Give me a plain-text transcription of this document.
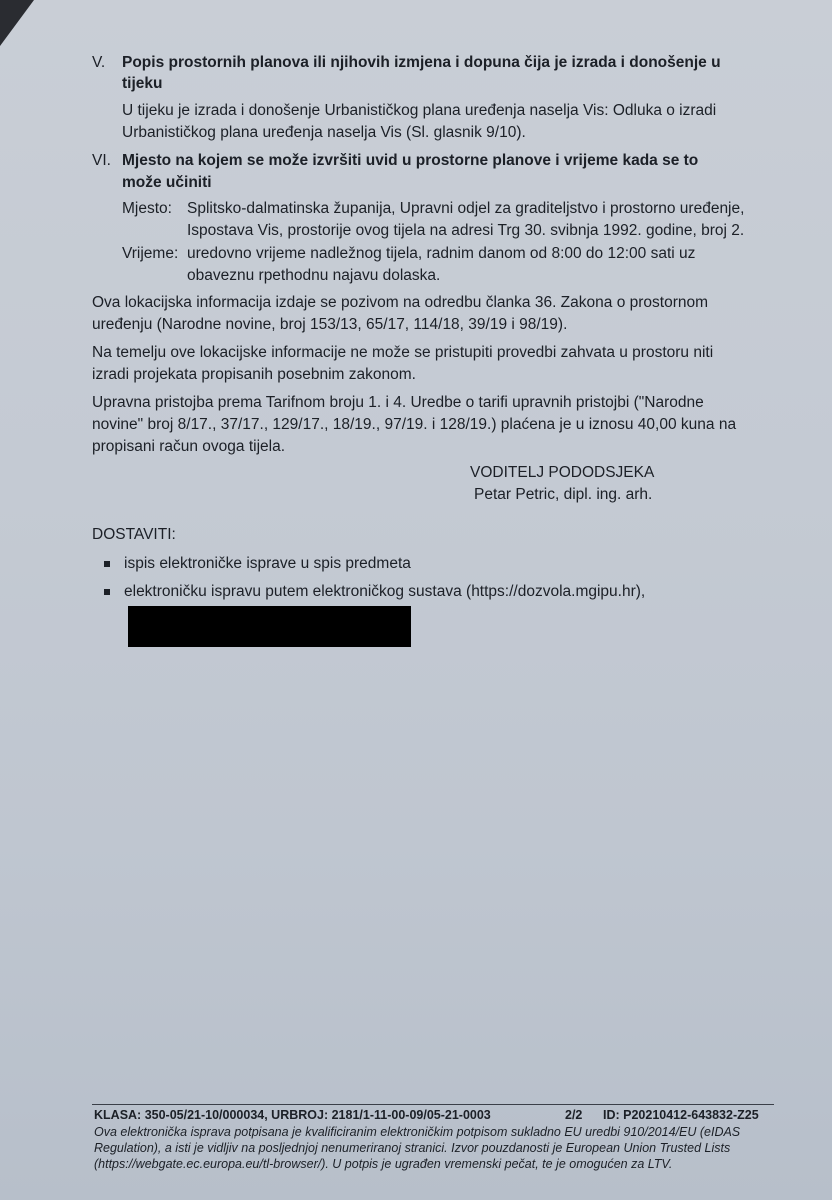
V. Popis prostornih planova ili njihovih izmjena i dopuna čija je izrada i donošenje u
tijeku
U tijeku je izrada i donošenje Urbanističkog plana uređenja naselja Vis: Odluka o izradi
Urbanističkog plana uređenja naselja Vis (Sl. glasnik 9/10).
VI. Mjesto na kojem se može izvršiti uvid u prostorne planove i vrijeme kada se to
može učiniti
Mjesto: Splitsko-dalmatinska županija, Upravni odjel za graditeljstvo i prostorno uređenje,
Ispostava Vis, prostorije ovog tijela na adresi Trg 30. svibnja 1992. godine, broj 2.
Vrijeme: uredovno vrijeme nadležnog tijela, radnim danom od 8:00 do 12:00 sati uz
obaveznu rpethodnu najavu dolaska.
Ova lokacijska informacija izdaje se pozivom na odredbu članka 36. Zakona o prostornom
uređenju (Narodne novine, broj 153/13, 65/17, 114/18, 39/19 i 98/19).
Na temelju ove lokacijske informacije ne može se pristupiti provedbi zahvata u prostoru niti
izradi projekata propisanih posebnim zakonom.
Upravna pristojba prema Tarifnom broju 1. i 4. Uredbe o tarifi upravnih pristojbi ("Narodne
novine" broj 8/17., 37/17., 129/17., 18/19., 97/19. i 128/19.) plaćena je u iznosu 40,00 kuna na
propisani račun ovoga tijela.
VODITELJ PODODSJEKA
Petar Petric, dipl. ing. arh.
DOSTAVITI:
ispis elektroničke isprave u spis predmeta
elektroničku ispravu putem elektroničkog sustava (https://dozvola.mgipu.hr),
KLASA: 350-05/21-10/000034, URBROJ: 2181/1-11-00-09/05-21-0003	2/2 ID: P20210412-643832-Z25
Ova elektronička isprava potpisana je kvalificiranim elektroničkim potpisom sukladno EU uredbi 910/2014/EU (eIDAS
Regulation), a isti je vidljiv na posljednjoj nenumeriranoj stranici. Izvor pouzdanosti je European Union Trusted Lists
(https://webgate.ec.europa.eu/tl-browser/). U potpis je ugrađen vremenski pečat, te je omogućen za LTV.
